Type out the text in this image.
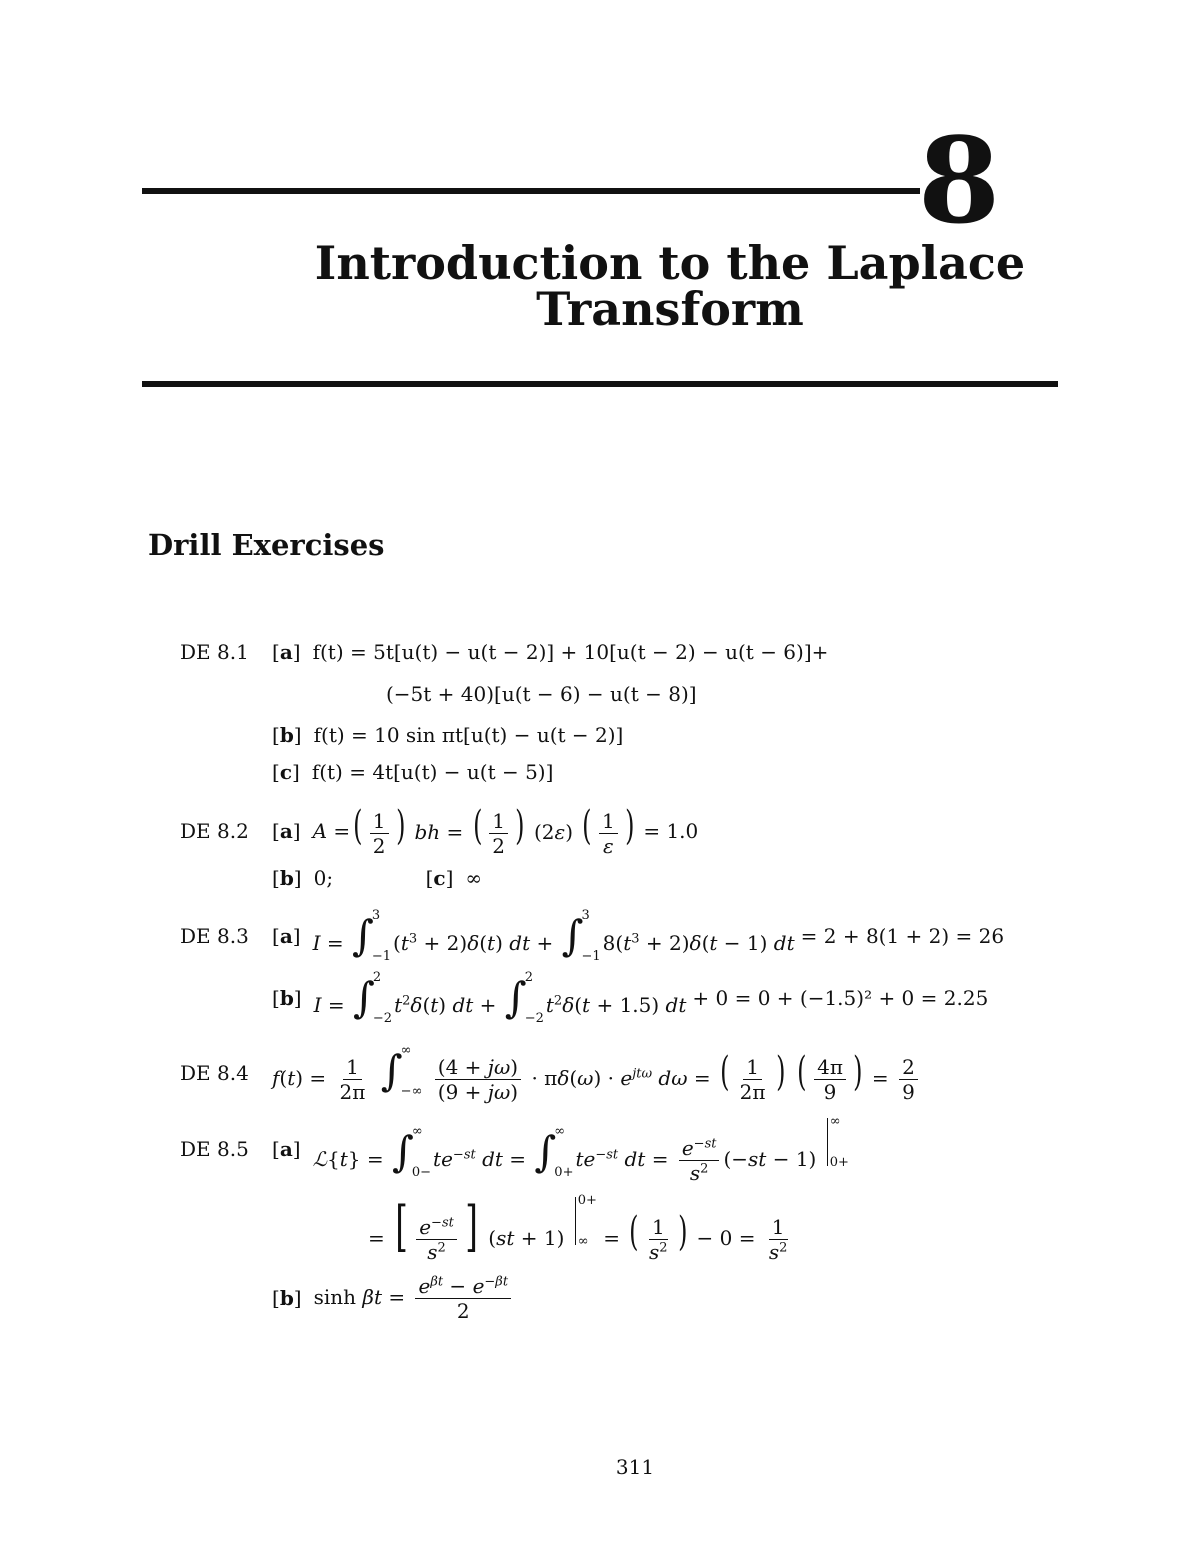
8
Introduction to the Laplace
Transform
Drill Exercises
DE 8.1	[a] f(t) = 5t[u(t) − u(t − 2)] + 10[u(t − 2) − u(t − 6)]+
(−5t + 40)[u(t − 6) − u(t − 8)]
[b] f(t) = 10 sin πt[u(t) − u(t − 2)]
[c] f(t) = 4t[u(t) − u(t − 5)]
DE 8.2	[a] A = ( $\frac{1}{2}$ ) bh = ( $\frac{1}{2}$ ) (2ε) ( $\frac{1}{\varepsilon}$ ) = 1.0
[b] 0;	[c] ∞
DE 8.3	[a] I = ∫
3
−1
$(t^3 + 2)\delta(t)$ dt + ∫
3
−1
$8(t^3 + 2)\delta(t - 1)$ dt = 2 + 8(1 + 2) = 26
[b] I = ∫
2
−2
$t^2\delta(t)$ dt + ∫
2
−2
$t^2\delta(t + 1.5)$ dt + 0 = 0 + (−1.5)² + 0 = 2.25
DE 8.4	$f(t) = \frac{1}{2\pi}$
∫
∞
−∞
$\frac{(4 + j\omega)}{(9 + j\omega)} \cdot \pi\delta(\omega) \cdot e^{jt\omega}$ dω = ( $\frac{1}{2\pi}$ ) ( $\frac{4\pi}{9}$ ) = $\frac{2}{9}$
DE 8.5	[a] ℒ{t} = ∫
∞
0−
$te^{-st}$ dt = ∫
∞
0+
$te^{-st}$ dt = $\frac{e^{-st}}{s^2} (-st - 1)$
∞
0+
= [ $\frac{e^{-st}}{s^2}$ ] (st + 1)
0+
∞ = ( $\frac{1}{s^2}$ ) − $0 = \frac{1}{s^2}$
[b] $\sinh \beta t = \frac{e^{\beta t} - e^{-\beta t}}{2}$
311
